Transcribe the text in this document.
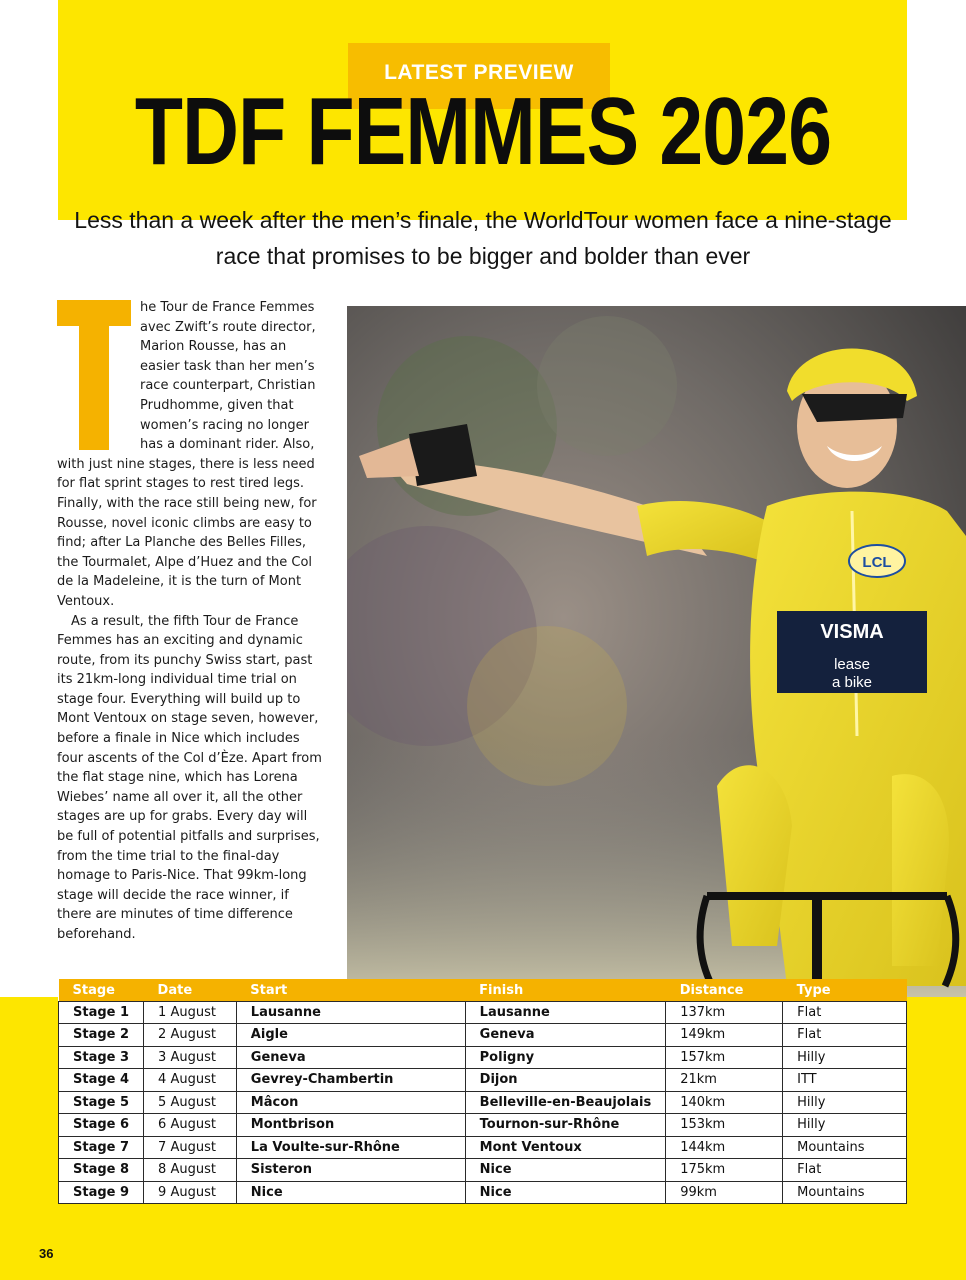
LATEST PREVIEW
TDF FEMMES 2026

Less than a week after the men’s finale, the WorldTour women face a nine-stage race that promises to be bigger and bolder than ever

he Tour de France Femmes avec Zwift’s route director, Marion Rousse, has an easier task than her men’s race counterpart, Christian Prudhomme, given that women’s racing no longer has a dominant rider. Also, with just nine stages, there is less need for flat sprint stages to rest tired legs. Finally, with the race still being new, for Rousse, novel iconic climbs are easy to find; after La Planche des Belles Filles, the Tourmalet, Alpe d’Huez and the Col de la Madeleine, it is the turn of Mont Ventoux.

As a result, the fifth Tour de France Femmes has an exciting and dynamic route, from its punchy Swiss start, past its 21km-long individual time trial on stage four. Everything will build up to Mont Ventoux on stage seven, however, before a finale in Nice which includes four ascents of the Col d’Èze. Apart from the flat stage nine, which has Lorena Wiebes’ name all over it, all the other stages are up for grabs. Every day will be full of potential pitfalls and surprises, from the time trial to the final-day homage to Paris-Nice. That 99km-long stage will decide the race winner, if there are minutes of time difference beforehand.

VISMA
lease
a bike
LCL
Stage	Date	Start	Finish	Distance	Type
Stage 1	1 August	Lausanne	Lausanne	137km	Flat
Stage 2	2 August	Aigle	Geneva	149km	Flat
Stage 3	3 August	Geneva	Poligny	157km	Hilly
Stage 4	4 August	Gevrey-Chambertin	Dijon	21km	ITT
Stage 5	5 August	Mâcon	Belleville-en-Beaujolais	140km	Hilly
Stage 6	6 August	Montbrison	Tournon-sur-Rhône	153km	Hilly
Stage 7	7 August	La Voulte-sur-Rhône	Mont Ventoux	144km	Mountains
Stage 8	8 August	Sisteron	Nice	175km	Flat
Stage 9	9 August	Nice	Nice	99km	Mountains
36
